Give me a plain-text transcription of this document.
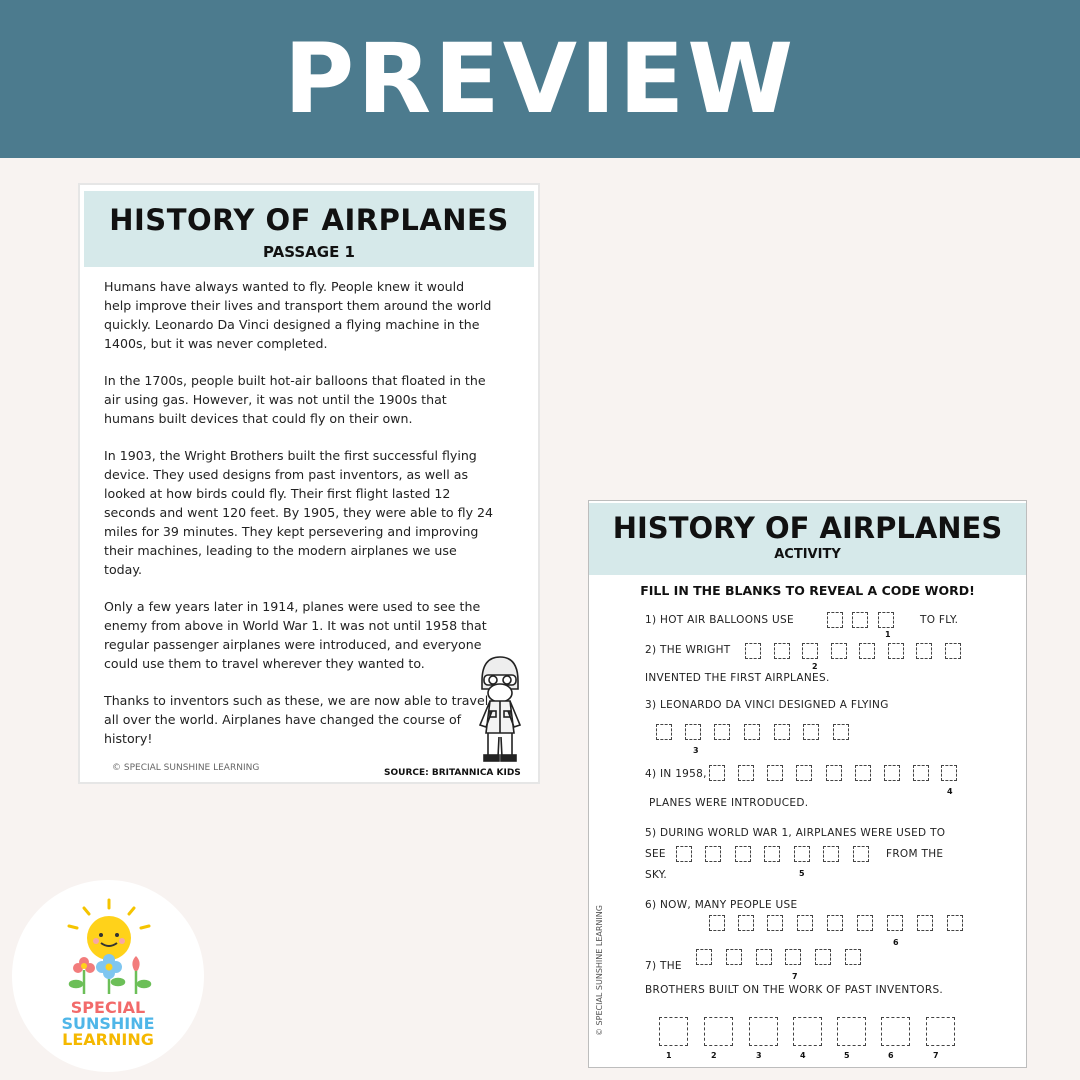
PREVIEW
HISTORY OF AIRPLANES
PASSAGE 1

Humans have always wanted to fly. People knew it would help improve their lives and transport them around the world quickly. Leonardo Da Vinci designed a flying machine in the 1400s, but it was never completed.

In the 1700s, people built hot-air balloons that floated in the air using gas. However, it was not until the 1900s that humans built devices that could fly on their own.

In 1903, the Wright Brothers built the first successful flying device. They used designs from past inventors, as well as looked at how birds could fly. Their first flight lasted 12 seconds and went 120 feet. By 1905, they were able to fly 24 miles for 39 minutes. They kept persevering and improving their machines, leading to the modern airplanes we use today.

Only a few years later in 1914, planes were used to see the enemy from above in World War 1. It was not until 1958 that regular passenger airplanes were introduced, and everyone could use them to travel wherever they wanted to.

Thanks to inventors such as these, we are now able to travel all over the world. Airplanes have changed the course of history!

© SPECIAL SUNSHINE LEARNING	SOURCE: BRITANNICA KIDS
HISTORY OF AIRPLANES
ACTIVITY
FILL IN THE BLANKS TO REVEAL A CODE WORD!
1) HOT AIR BALLOONS USE
1
TO FLY.
2) THE WRIGHT
2
INVENTED THE FIRST AIRPLANES.
3) LEONARDO DA VINCI DESIGNED A FLYING
3
4) IN 1958,
4
PLANES WERE INTRODUCED.
5) DURING WORLD WAR 1, AIRPLANES WERE USED TO
SEE	FROM THE
5
SKY.
6) NOW, MANY PEOPLE USE
6
7) THE
7
BROTHERS BUILT ON THE WORK OF PAST INVENTORS.
1	2	3	4	5	6	7
© SPECIAL SUNSHINE LEARNING
SPECIAL
SUNSHINE
LEARNING
